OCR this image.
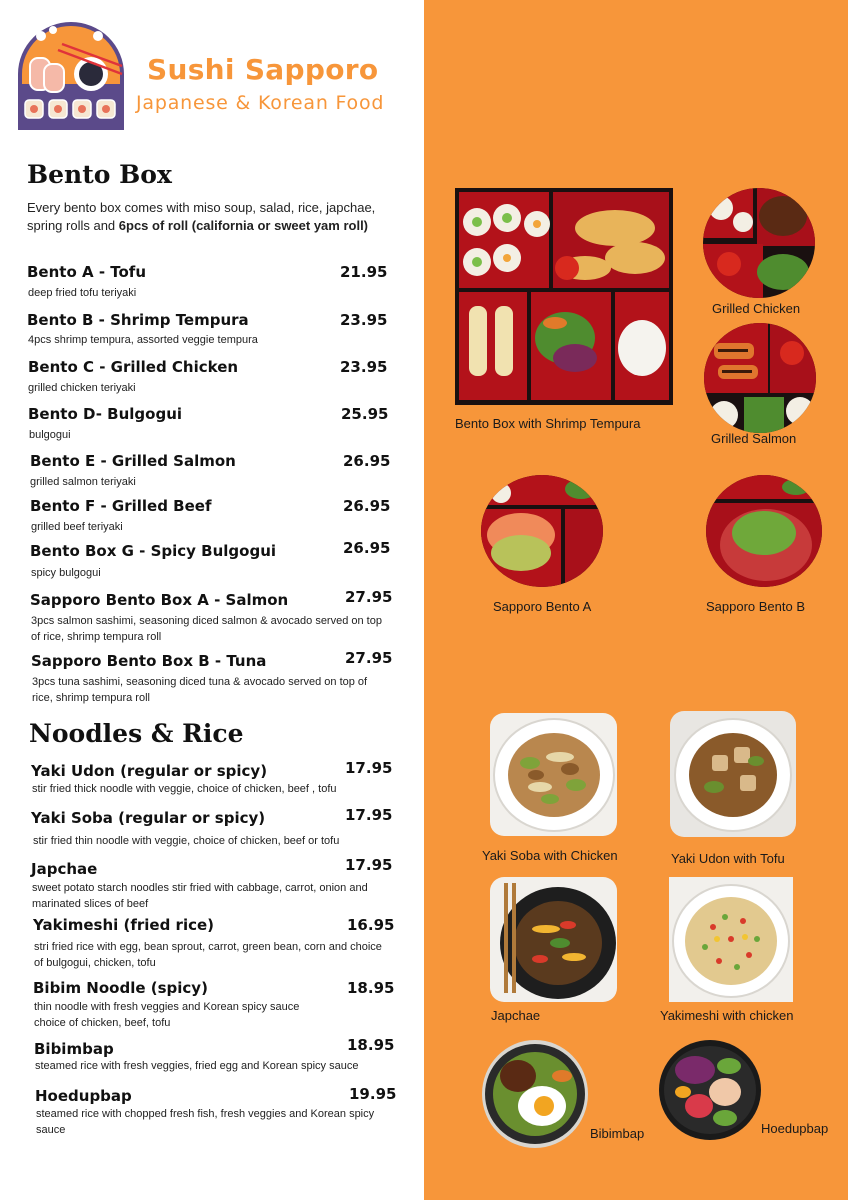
Sushi Sapporo
Japanese & Korean Food
Bento Box
Every bento box comes with miso soup, salad, rice, japchae, spring rolls and 6pcs of roll (california or sweet yam roll)
Bento A - Tofu	21.95
deep fried tofu teriyaki
Bento B - Shrimp Tempura	23.95
4pcs shrimp tempura, assorted veggie tempura
Bento C - Grilled Chicken	23.95
grilled chicken teriyaki
Bento D- Bulgogui	25.95
bulgogui
Bento E - Grilled Salmon	26.95
grilled salmon teriyaki
Bento F - Grilled Beef	26.95
grilled beef teriyaki
Bento Box G - Spicy Bulgogui	26.95
spicy bulgogui
Sapporo Bento Box A - Salmon	27.95
3pcs salmon sashimi, seasoning diced salmon & avocado served on top of rice, shrimp tempura roll
Sapporo Bento Box B - Tuna	27.95
3pcs tuna sashimi, seasoning diced tuna & avocado served on top of rice, shrimp tempura roll
Noodles & Rice
Yaki Udon (regular or spicy)	17.95
stir fried thick noodle with veggie, choice of chicken, beef , tofu
Yaki Soba (regular or spicy)	17.95
stir fried thin noodle with veggie, choice of chicken, beef or tofu
Japchae	17.95
sweet potato starch noodles stir fried with cabbage, carrot, onion and marinated slices of beef
Yakimeshi (fried rice)	16.95
stri fried rice with egg, bean sprout, carrot, green bean, corn and choice of bulgogui, chicken, tofu
Bibim Noodle (spicy)	18.95
thin noodle with fresh veggies and Korean spicy sauce choice of chicken, beef, tofu
Bibimbap	18.95
steamed rice with fresh veggies, fried egg and Korean spicy sauce
Hoedupbap	19.95
steamed rice with chopped fresh fish, fresh veggies and Korean spicy sauce
Bento Box with Shrimp Tempura
Grilled Chicken
Grilled Salmon
Sapporo Bento A	Sapporo Bento B
Yaki Soba with Chicken	Yaki Udon with Tofu
Japchae	Yakimeshi with chicken
Bibimbap	Hoedupbap
